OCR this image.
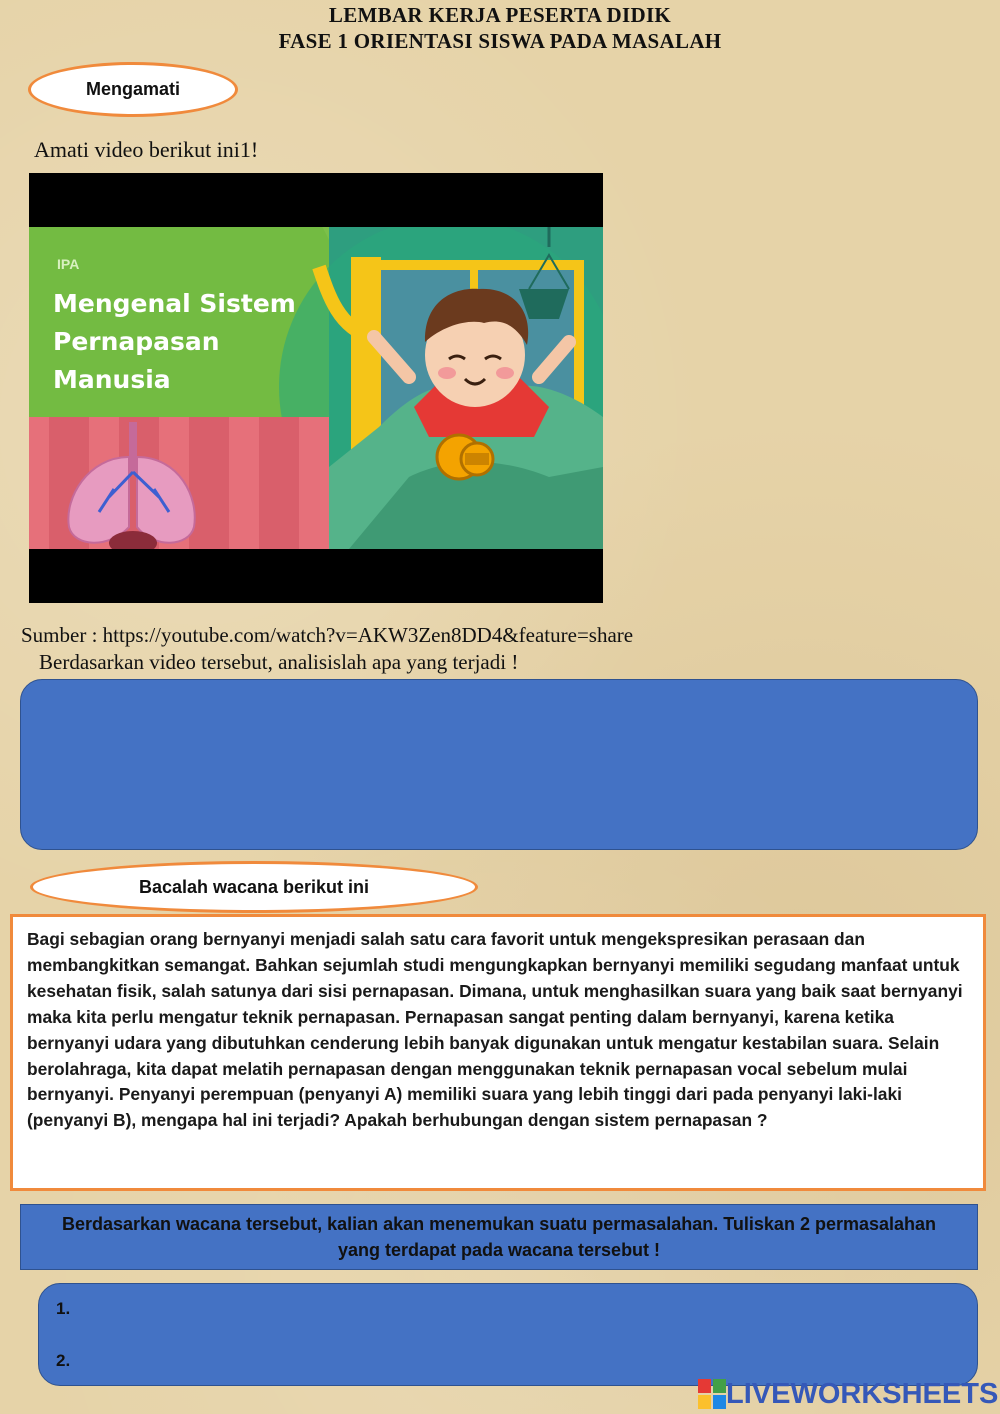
LEMBAR KERJA PESERTA DIDIK
FASE 1 ORIENTASI SISWA PADA MASALAH
Mengamati
Amati video berikut ini1!
IPA
Mengenal Sistem
Pernapasan
Manusia
Sumber : https://youtube.com/watch?v=AKW3Zen8DD4&feature=share
Berdasarkan video tersebut, analisislah apa yang terjadi !
Bacalah wacana berikut ini
Bagi sebagian orang bernyanyi menjadi salah satu cara favorit untuk mengekspresikan perasaan dan membangkitkan semangat. Bahkan sejumlah studi mengungkapkan bernyanyi memiliki segudang manfaat untuk kesehatan fisik, salah satunya dari sisi pernapasan. Dimana, untuk menghasilkan suara yang baik saat bernyanyi maka kita perlu mengatur teknik pernapasan. Pernapasan sangat penting dalam bernyanyi, karena ketika bernyanyi udara yang dibutuhkan cenderung lebih banyak digunakan untuk mengatur kestabilan suara. Selain berolahraga, kita dapat melatih pernapasan dengan menggunakan teknik pernapasan vocal sebelum mulai bernyanyi. Penyanyi perempuan (penyanyi A) memiliki suara yang lebih tinggi dari pada penyanyi laki-laki (penyanyi B), mengapa hal ini terjadi? Apakah berhubungan dengan sistem pernapasan ?
Berdasarkan wacana tersebut, kalian akan menemukan suatu permasalahan. Tuliskan 2 permasalahan yang terdapat pada wacana tersebut !
1.
2.
LIVEWORKSHEETS
